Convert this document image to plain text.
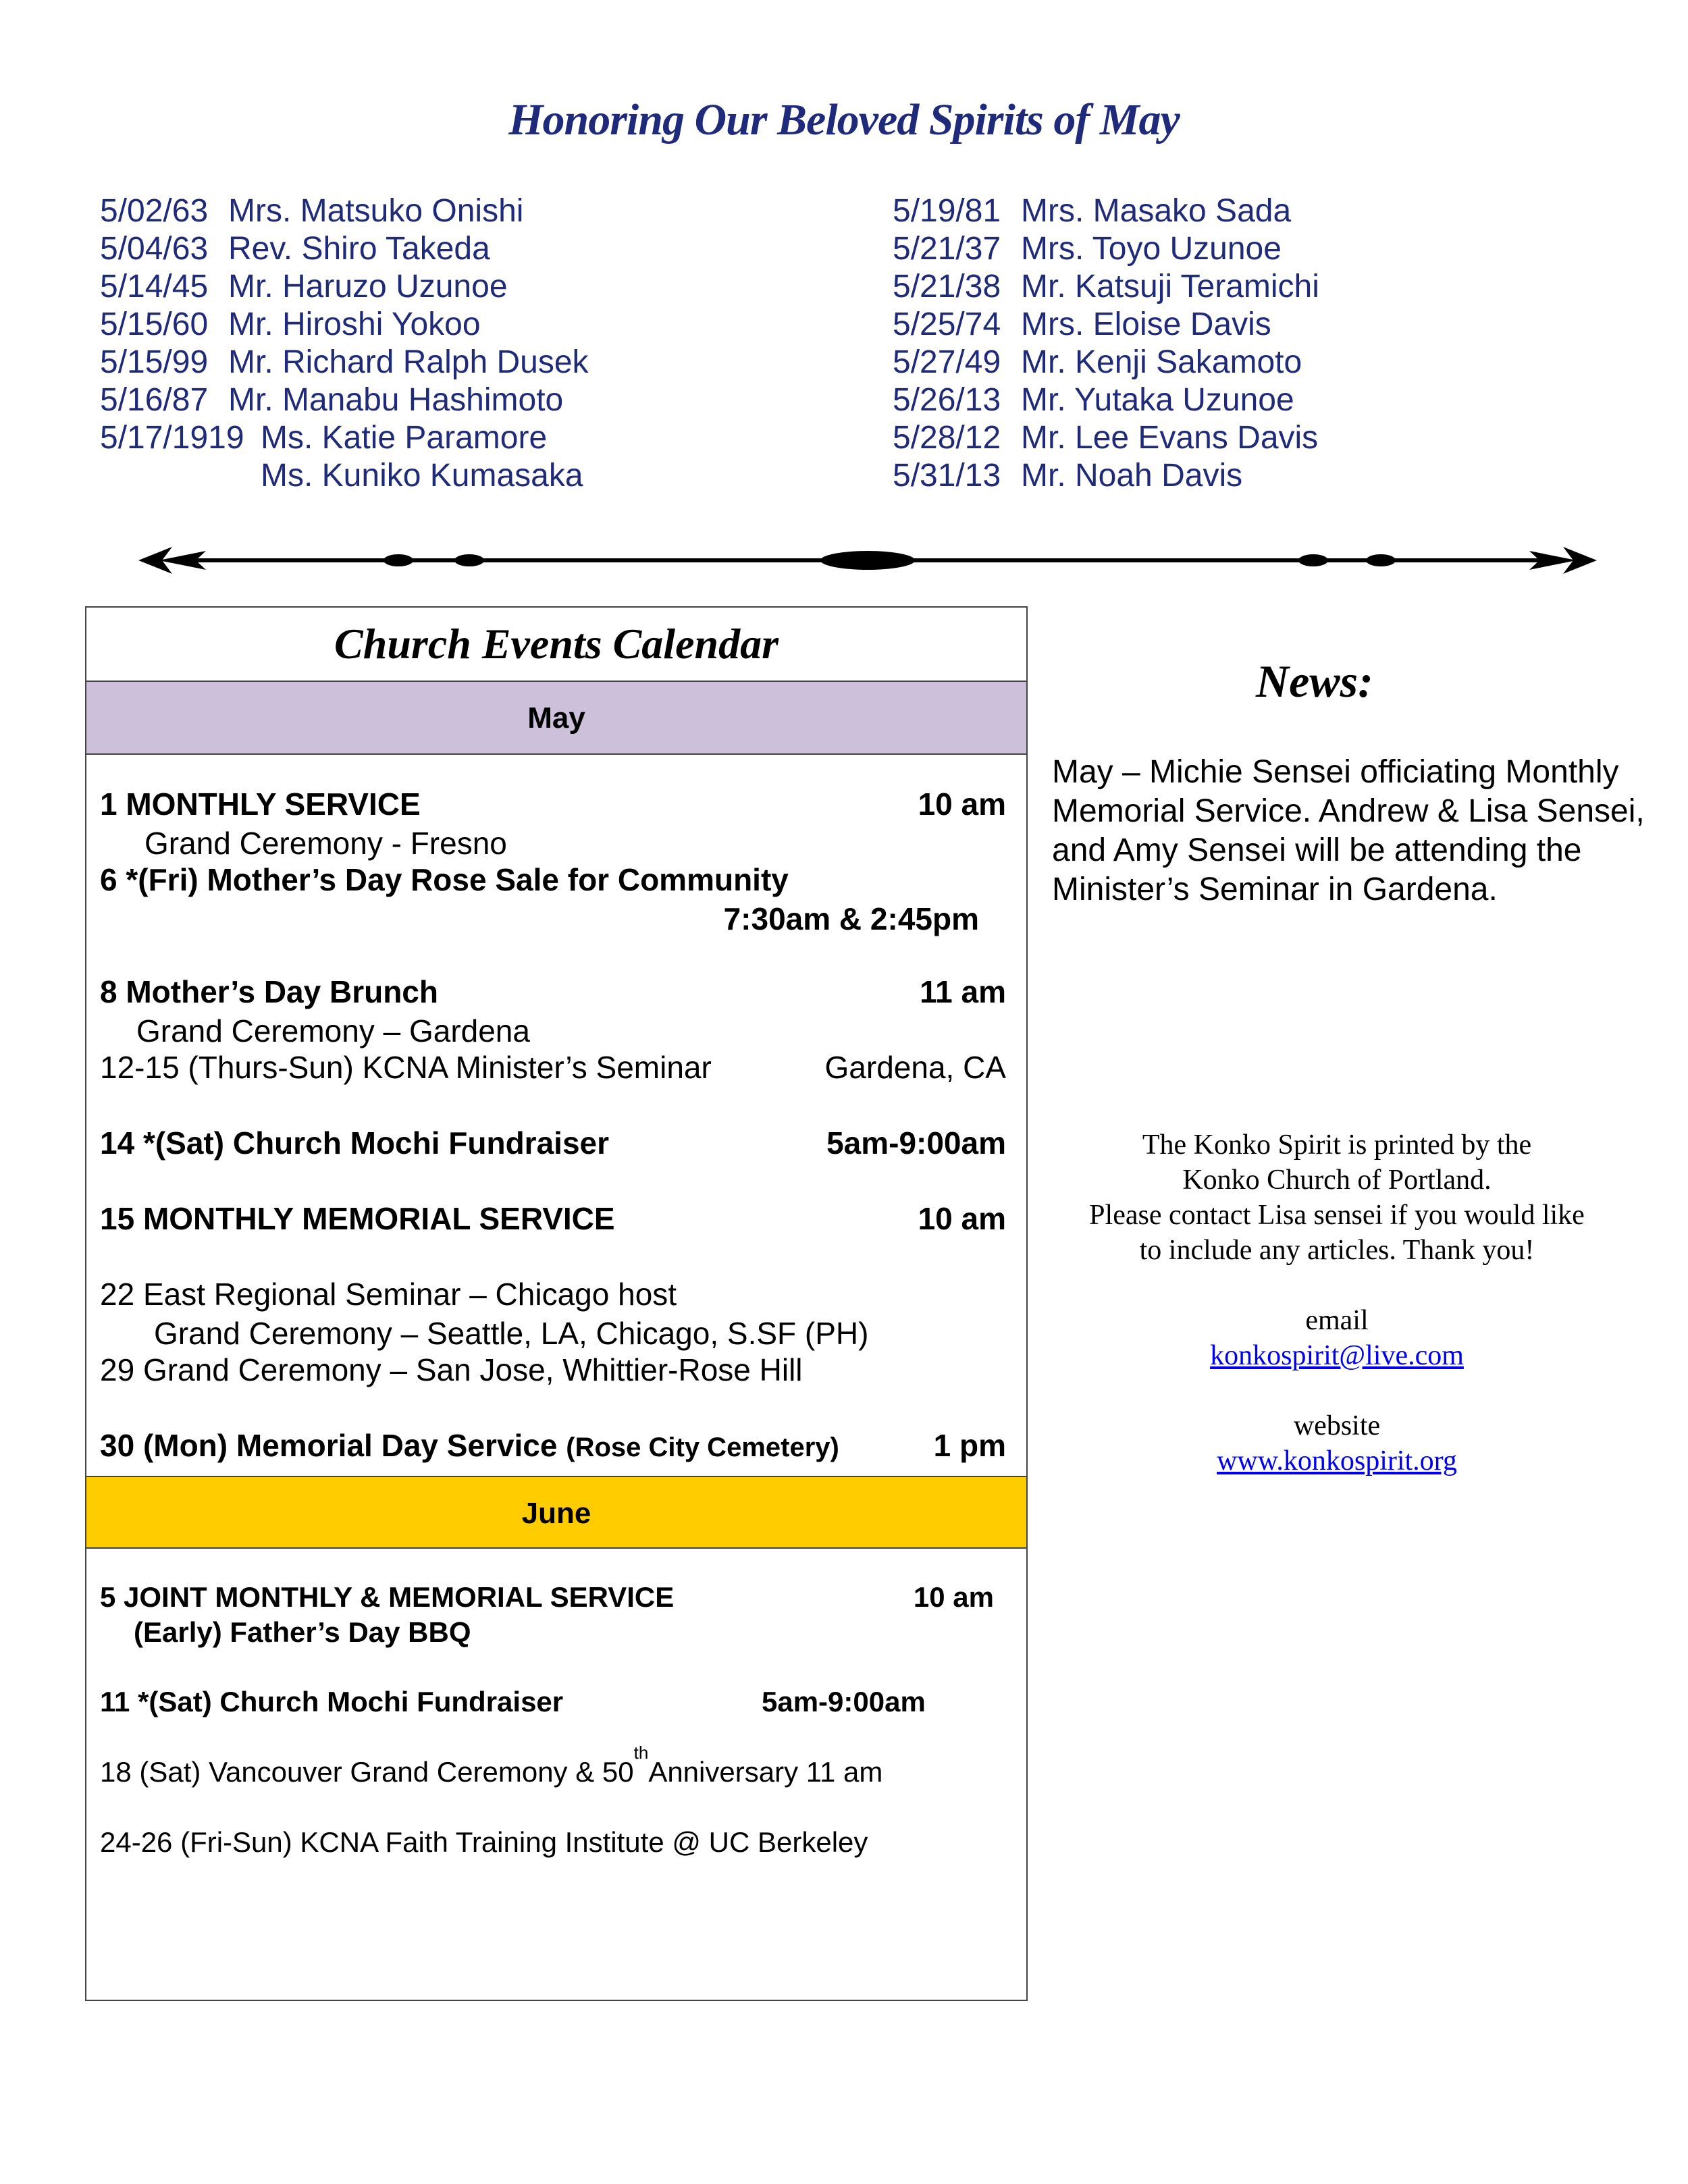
Honoring Our Beloved Spirits of May
5/02/63 Mrs. Matsuko Onishi
5/04/63 Rev. Shiro Takeda
5/14/45 Mr. Haruzo Uzunoe
5/15/60 Mr. Hiroshi Yokoo
5/15/99 Mr. Richard Ralph Dusek
5/16/87 Mr. Manabu Hashimoto
5/17/1919 Ms. Katie Paramore
Ms. Kuniko Kumasaka
5/19/81 Mrs. Masako Sada
5/21/37 Mrs. Toyo Uzunoe
5/21/38 Mr. Katsuji Teramichi
5/25/74 Mrs. Eloise Davis
5/27/49 Mr. Kenji Sakamoto
5/26/13 Mr. Yutaka Uzunoe
5/28/12 Mr. Lee Evans Davis
5/31/13 Mr. Noah Davis
Church Events Calendar
May
1 MONTHLY SERVICE	10 am
Grand Ceremony - Fresno
6 *(Fri) Mother’s Day Rose Sale for Community
7:30am & 2:45pm
8 Mother’s Day Brunch	11 am
Grand Ceremony – Gardena
12-15 (Thurs-Sun) KCNA Minister’s Seminar	Gardena, CA
14 *(Sat) Church Mochi Fundraiser	5am-9:00am
15 MONTHLY MEMORIAL SERVICE	10 am
22 East Regional Seminar – Chicago host
Grand Ceremony – Seattle, LA, Chicago, S.SF (PH)
29 Grand Ceremony – San Jose, Whittier-Rose Hill
30 (Mon) Memorial Day Service (Rose City Cemetery)	1 pm
June
5 JOINT MONTHLY & MEMORIAL SERVICE	10 am
(Early) Father’s Day BBQ
11 *(Sat) Church Mochi Fundraiser	5am-9:00am
18 (Sat) Vancouver Grand Ceremony & 50
th
Anniversary 11 am
24-26 (Fri-Sun) KCNA Faith Training Institute @ UC Berkeley
News:
May – Michie Sensei officiating Monthly Memorial Service. Andrew & Lisa Sensei, and Amy Sensei will be attending the Minister’s Seminar in Gardena.
The Konko Spirit is printed by the
Konko Church of Portland.
Please contact Lisa sensei if you would like
to include any articles. Thank you!
email
konkospirit@live.com
website
www.konkospirit.org
